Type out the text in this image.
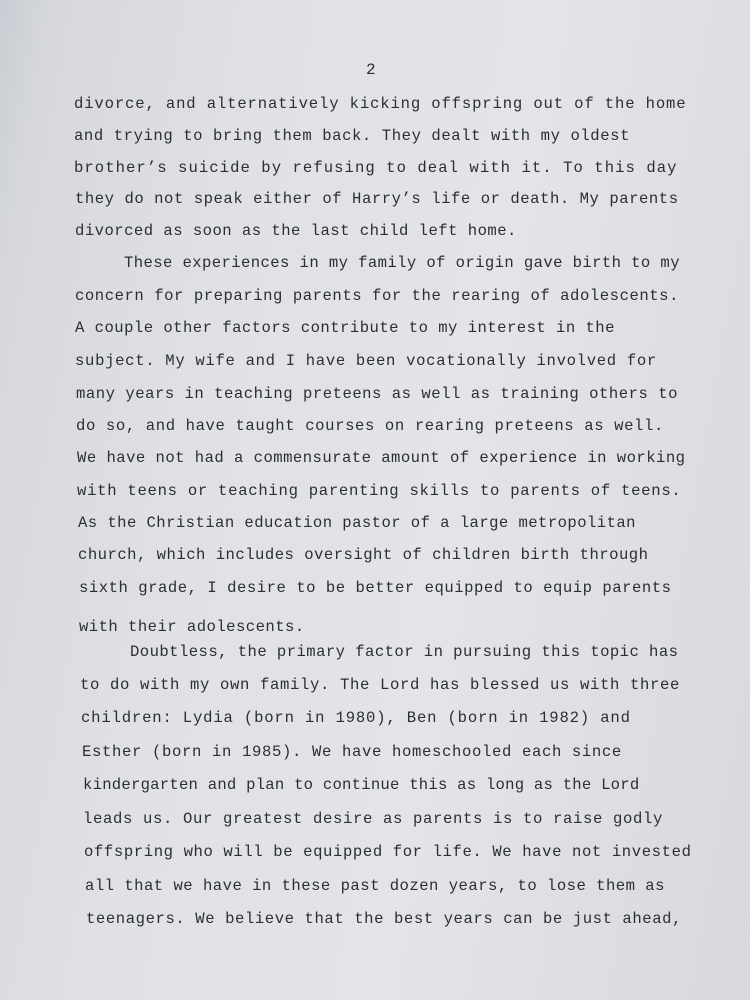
2
divorce, and alternatively kicking offspring out of the home
and trying to bring them back. They dealt with my oldest
brother’s suicide by refusing to deal with it. To this day
they do not speak either of Harry’s life or death. My parents
divorced as soon as the last child left home.
These experiences in my family of origin gave birth to my
concern for preparing parents for the rearing of adolescents.
A couple other factors contribute to my interest in the
subject. My wife and I have been vocationally involved for
many years in teaching preteens as well as training others to
do so, and have taught courses on rearing preteens as well.
We have not had a commensurate amount of experience in working
with teens or teaching parenting skills to parents of teens.
As the Christian education pastor of a large metropolitan
church, which includes oversight of children birth through
sixth grade, I desire to be better equipped to equip parents
with their adolescents.
Doubtless, the primary factor in pursuing this topic has
to do with my own family. The Lord has blessed us with three
children: Lydia (born in 1980), Ben (born in 1982) and
Esther (born in 1985). We have homeschooled each since
kindergarten and plan to continue this as long as the Lord
leads us. Our greatest desire as parents is to raise godly
offspring who will be equipped for life. We have not invested
all that we have in these past dozen years, to lose them as
teenagers. We believe that the best years can be just ahead,
